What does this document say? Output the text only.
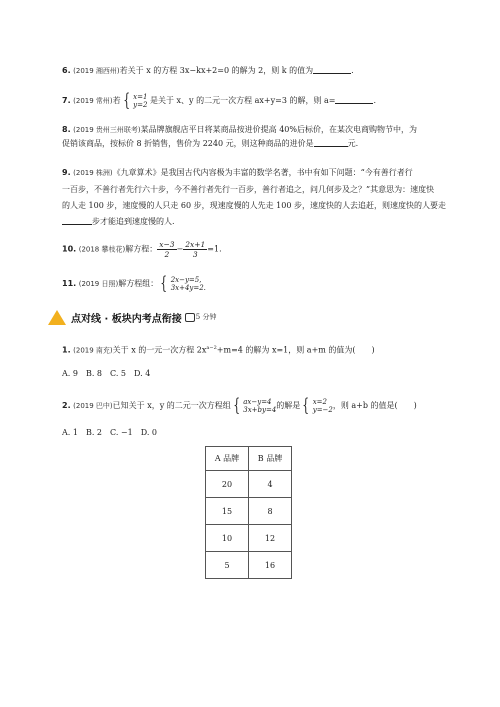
6. (2019 湘西州)若关于 x 的方程 3x−kx+2=0 的解为 2，则 k 的值为	.
7. (2019 常州)若 { x=1
y=2 是关于 x、y 的二元一次方程 ax+y=3 的解，则 a=	.
8. (2019 贵州三州联考)某品牌旗舰店平日将某商品按进价提高 40%后标价，在某次电商购物节中，为
促销该商品，按标价 8 折销售，售价为 2240 元，则这种商品的进价是	元.
9. (2019 株洲)《九章算术》是我国古代内容极为丰富的数学名著，书中有如下问题：“今有善行者行
一百步，不善行者先行六十步，今不善行者先行一百步，善行者追之，问几何步及之？”其意思为：速度快
的人走 100 步，速度慢的人只走 60 步，现速度慢的人先走 100 步，速度快的人去追赶，则速度快的人要走
步才能追到速度慢的人.
10. (2018 攀枝花)解方程： $\frac{x-3}{2} - \frac{2x+1}{3} =1$.
11. (2019 日照)解方程组： { 2x−y=5,
3x+4y=2.
点对线 · 板块内考点衔接 5 分钟
1. (2019 南充)关于 x 的一元一次方程 $2x^{a-2}+m=4$ 的解为 x=1，则 a+m 的值为(　　)
A. 9　B. 8　C. 5　D. 4
2. (2019 巴中)已知关于 x，y 的二元一次方程组 { ax−y=4
3x+by=4 的解是 { x=2
y=−2 ，则 a+b 的值是(　　)
A. 1　B. 2　C. −1　D. 0
A 品牌	B 品牌
20	4
15	8
10	12
5	16
